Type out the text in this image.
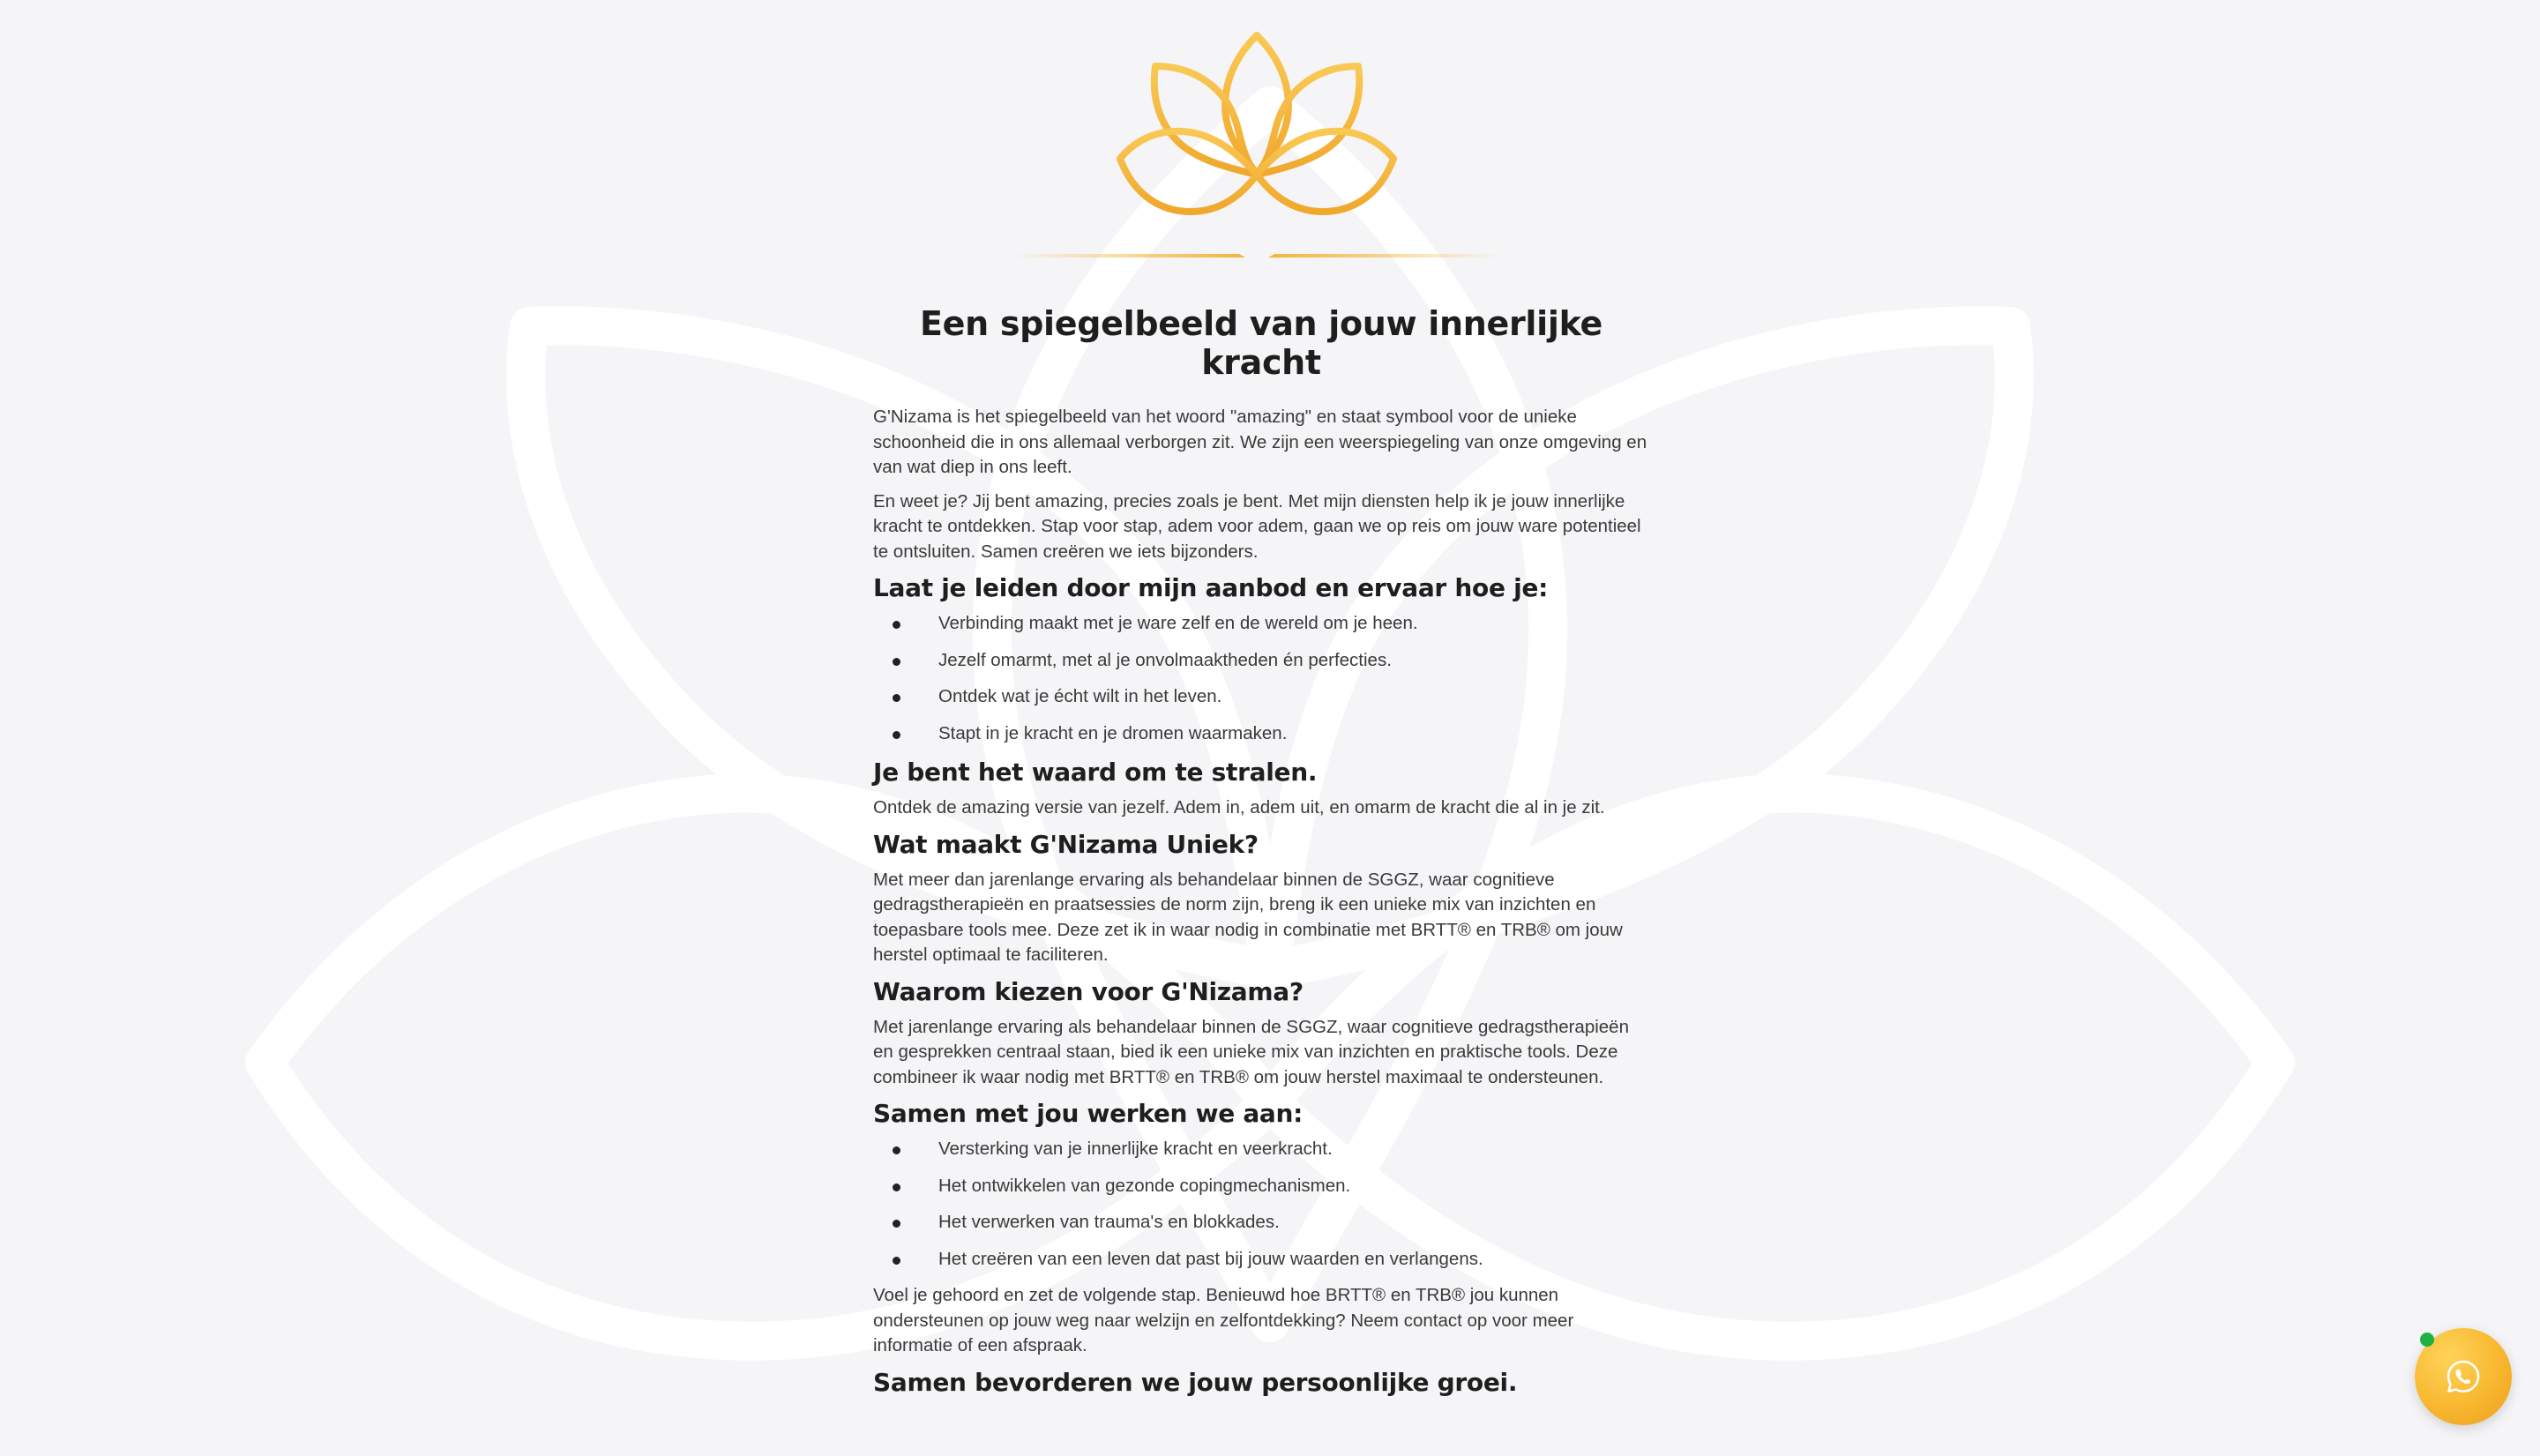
Een spiegelbeeld van jouw innerlijke kracht

G'Nizama is het spiegelbeeld van het woord "amazing" en staat symbool voor de unieke schoonheid die in ons allemaal verborgen zit. We zijn een weerspiegeling van onze omgeving en van wat diep in ons leeft.

En weet je? Jij bent amazing, precies zoals je bent. Met mijn diensten help ik je jouw innerlijke kracht te ontdekken. Stap voor stap, adem voor adem, gaan we op reis om jouw ware potentieel te ontsluiten. Samen creëren we iets bijzonders.

Laat je leiden door mijn aanbod en ervaar hoe je:
Verbinding maakt met je ware zelf en de wereld om je heen.
Jezelf omarmt, met al je onvolmaaktheden én perfecties.
Ontdek wat je écht wilt in het leven.
Stapt in je kracht en je dromen waarmaken.
Je bent het waard om te stralen.

Ontdek de amazing versie van jezelf. Adem in, adem uit, en omarm de kracht die al in je zit.

Wat maakt G'Nizama Uniek?

Met meer dan jarenlange ervaring als behandelaar binnen de SGGZ, waar cognitieve gedragstherapieën en praatsessies de norm zijn, breng ik een unieke mix van inzichten en toepasbare tools mee. Deze zet ik in waar nodig in combinatie met BRTT® en TRB® om jouw herstel optimaal te faciliteren.

Waarom kiezen voor G'Nizama?

Met jarenlange ervaring als behandelaar binnen de SGGZ, waar cognitieve gedragstherapieën en gesprekken centraal staan, bied ik een unieke mix van inzichten en praktische tools. Deze combineer ik waar nodig met BRTT® en TRB® om jouw herstel maximaal te ondersteunen.

Samen met jou werken we aan:
Versterking van je innerlijke kracht en veerkracht.
Het ontwikkelen van gezonde copingmechanismen.
Het verwerken van trauma's en blokkades.
Het creëren van een leven dat past bij jouw waarden en verlangens.

Voel je gehoord en zet de volgende stap. Benieuwd hoe BRTT® en TRB® jou kunnen ondersteunen op jouw weg naar welzijn en zelfontdekking? Neem contact op voor meer informatie of een afspraak.

Samen bevorderen we jouw persoonlijke groei.
